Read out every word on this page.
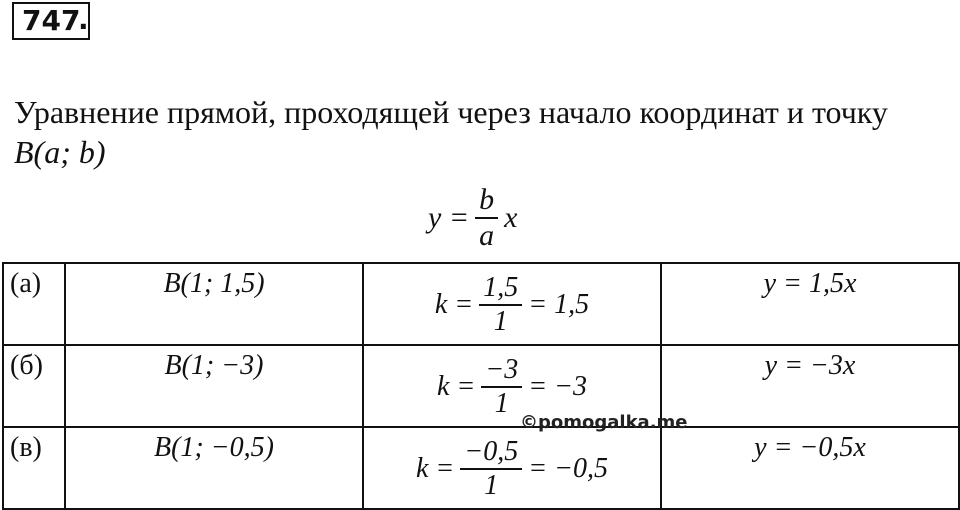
747
.
Уравнение прямой, проходящей через начало координат и точку
B(a; b)
$y = \frac{b}{a}$ x
(а)	B(1; 1,5)	$k = \frac{1,5}{1} = 1,5$	y = 1,5x
(б)	B(1; −3)	$k = \frac{-3}{1} = -3$	y = −3x
(в)	B(1; −0,5)	$k = \frac{-0,5}{1} = -0,5$	y = −0,5x
©pomogalka.me
